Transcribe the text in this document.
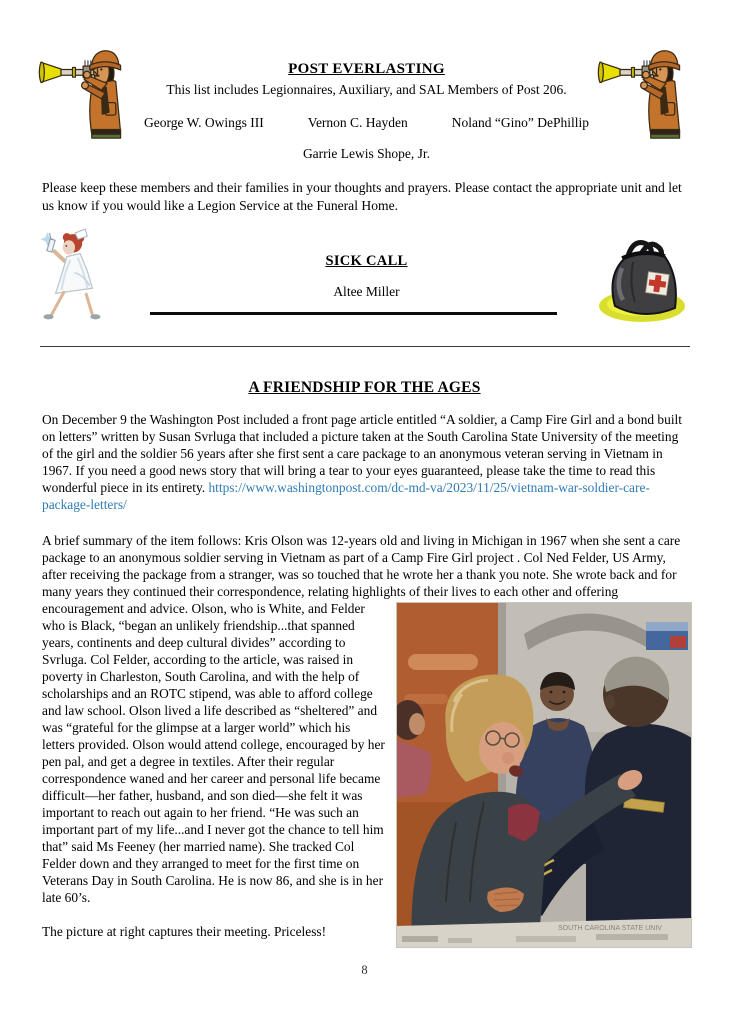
POST EVERLASTING
This list includes Legionnaires, Auxiliary, and SAL Members of Post 206.
George W. Owings III	Vernon C. Hayden	Noland “Gino” DePhillip
Garrie Lewis Shope, Jr.

Please keep these members and their families in your thoughts and prayers. Please contact the appropriate unit and let us know if you would like a Legion Service at the Funeral Home.

SICK CALL
Altee Miller
A FRIENDSHIP FOR THE AGES

On December 9 the Washington Post included a front page article entitled “A soldier, a Camp Fire Girl and a bond built on letters” written by Susan Svrluga that included a picture taken at the South Carolina State University of the meeting of the girl and the soldier 56 years after she first sent a care package to an anonymous veteran serving in Vietnam in 1967. If you need a good news story that will bring a tear to your eyes guaranteed, please take the time to read this wonderful piece in its entirety. https://www.washingtonpost.com/dc-md-va/2023/11/25/vietnam-war-soldier-care-package-letters/

SOUTH CAROLINA STATE UNIV

A brief summary of the item follows: Kris Olson was 12-years old and living in Michigan in 1967 when she sent a care package to an anonymous soldier serving in Vietnam as part of a Camp Fire Girl project . Col Ned Felder, US Army, after receiving the package from a stranger, was so touched that he wrote her a thank you note. She wrote back and for many years they continued their correspondence, relating highlights of their lives to each other and offering encouragement and advice. Olson, who is White, and Felder who is Black, “began an unlikely friendship...that spanned years, continents and deep cultural divides” according to Svrluga. Col Felder, according to the article, was raised in poverty in Charleston, South Carolina, and with the help of scholarships and an ROTC stipend, was able to afford college and law school. Olson lived a life described as “sheltered” and was “grateful for the glimpse at a larger world” which his letters provided. Olson would attend college, encouraged by her pen pal, and get a degree in textiles. After their regular correspondence waned and her career and personal life became difficult—her father, husband, and son died—she felt it was important to reach out again to her friend. “He was such an important part of my life...and I never got the chance to tell him that” said Ms Feeney (her married name). She tracked Col Felder down and they arranged to meet for the first time on Veterans Day in South Carolina. He is now 86, and she is in her late 60’s.

The picture at right captures their meeting. Priceless!

8
